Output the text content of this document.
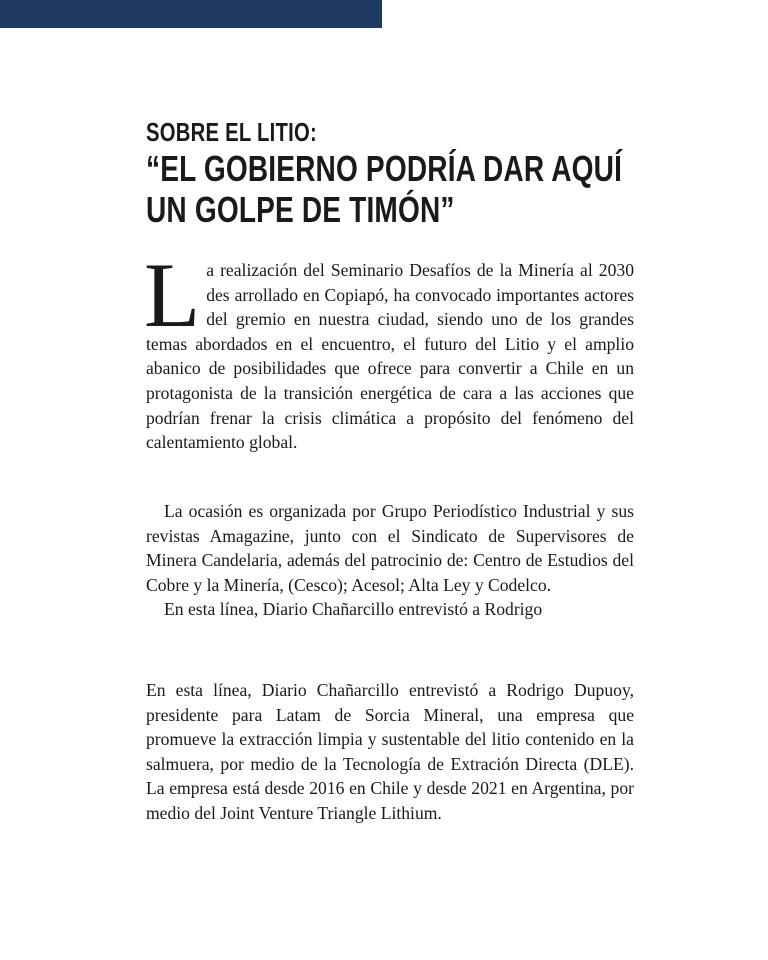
SOBRE EL LITIO:
“EL GOBIERNO PODRÍA DAR AQUÍ
UN GOLPE DE TIMÓN”
L a realización del Seminario Desafíos de la Minería al 2030 des arrollado en Copiapó, ha convocado importantes actores del gremio en nuestra ciudad, siendo uno de los grandes temas abordados en el encuentro, el futuro del Litio y el amplio abanico de posibilidades que ofrece para convertir a Chile en un protagonista de la transición energética de cara a las acciones que podrían frenar la crisis climática a propósito del fenómeno del calentamiento global.

La ocasión es organizada por Grupo Periodístico Industrial y sus revistas Amagazine, junto con el Sindicato de Supervisores de Minera Candelaria, además del patrocinio de: Centro de Estudios del Cobre y la Minería, (Cesco); Acesol; Alta Ley y Codelco.

En esta línea, Diario Chañarcillo entrevistó a Rodrigo

En esta línea, Diario Chañarcillo entrevistó a Rodrigo Dupuoy, presidente para Latam de Sorcia Mineral, una empresa que promueve la extracción limpia y sustentable del litio contenido en la salmuera, por medio de la Tecnología de Extración Directa (DLE). La empresa está desde 2016 en Chile y desde 2021 en Argentina, por medio del Joint Venture Triangle Lithium.
